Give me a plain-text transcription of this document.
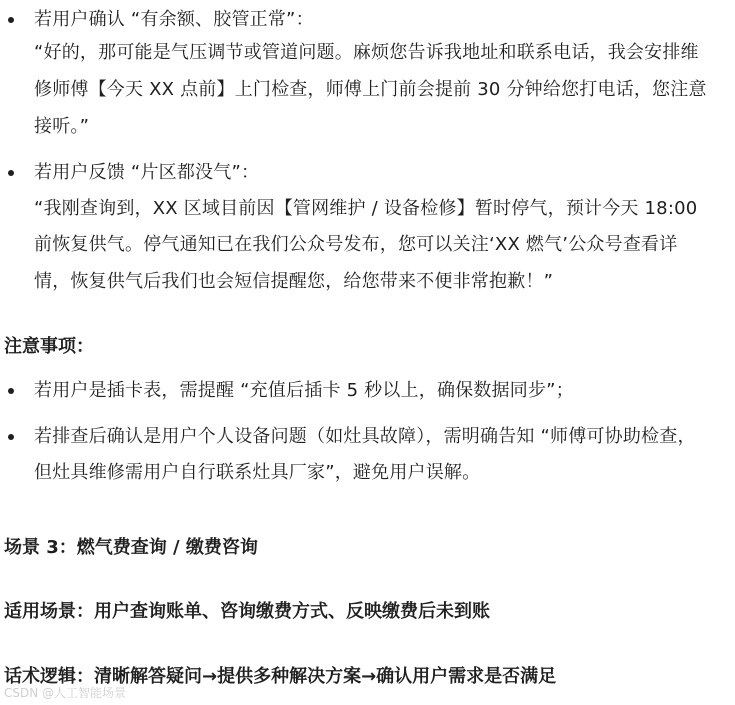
若用户确认 “有余额、胶管正常”：
“好的，那可能是气压调节或管道问题。麻烦您告诉我地址和联系电话，我会安排维
修师傅【今天 XX 点前】上门检查，师傅上门前会提前 30 分钟给您打电话，您注意
接听。”
若用户反馈 “片区都没气”：
“我刚查询到，XX 区域目前因【管网维护 / 设备检修】暂时停气，预计今天 18:00
前恢复供气。停气通知已在我们公众号发布，您可以关注‘XX 燃气’公众号查看详
情，恢复供气后我们也会短信提醒您，给您带来不便非常抱歉！”
注意事项：
若用户是插卡表，需提醒 “充值后插卡 5 秒以上，确保数据同步”；
若排查后确认是用户个人设备问题（如灶具故障），需明确告知 “师傅可协助检查，
但灶具维修需用户自行联系灶具厂家”，避免用户误解。
场景 3：燃气费查询 / 缴费咨询
适用场景：用户查询账单、咨询缴费方式、反映缴费后未到账
话术逻辑：清晰解答疑问→提供多种解决方案→确认用户需求是否满足
CSDN @人工智能场景
